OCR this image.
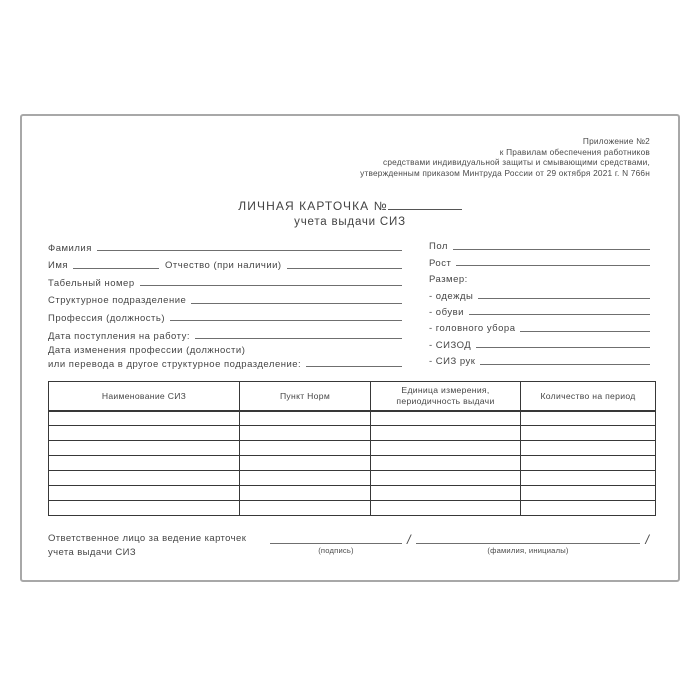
Приложение №2
к Правилам обеспечения работников
средствами индивидуальной защиты и смывающими средствами,
утвержденным приказом Минтруда России от 29 октября 2021 г. N 766н
ЛИЧНАЯ КАРТОЧКА №
учета выдачи СИЗ
Фамилия
Имя	Отчество (при наличии)
Табельный номер
Структурное подразделение
Профессия (должность)
Дата поступления на работу:
Дата изменения профессии (должности)
или перевода в другое структурное подразделение:
Пол
Рост
Размер:
- одежды
- обуви
- головного убора
- СИЗОД
- СИЗ рук
Наименование СИЗ	Пункт Норм	Единица измерения,
периодичность выдачи	Количество на период

Ответственное лицо за ведение карточек
учета выдачи СИЗ	(подпись)
/
(фамилия, инициалы)
/
